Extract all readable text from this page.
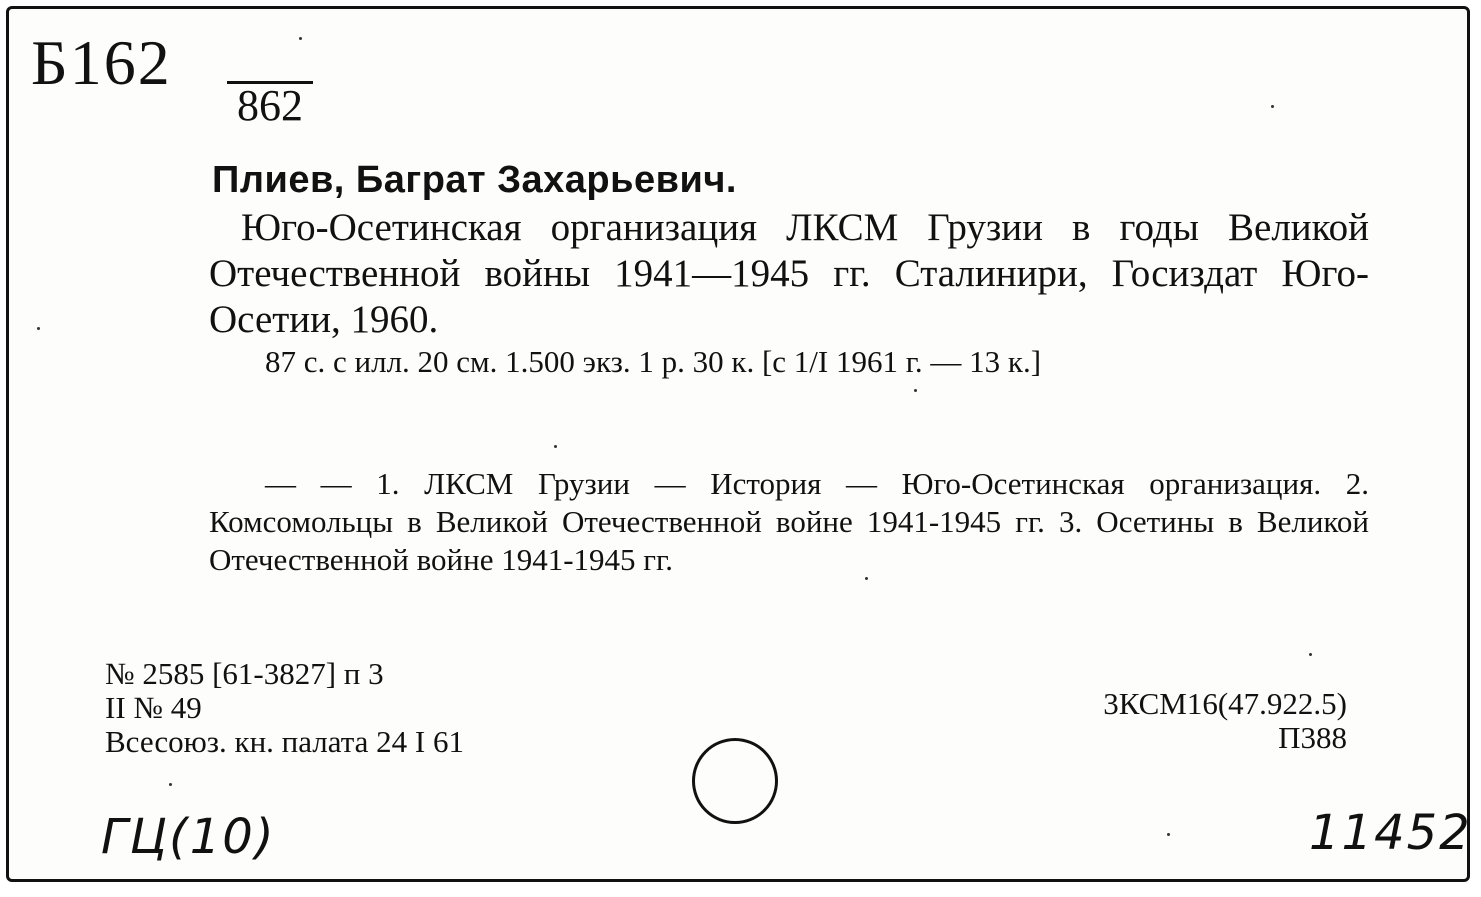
Б162
862
Плиев, Баграт Захарьевич.
Юго-Осетинская организация ЛКСМ Грузии в годы Великой Отечественной войны 1941—1945 гг. Сталинири, Госиздат Юго-Осетии, 1960.
87 с. с илл. 20 см. 1.500 экз. 1 р. 30 к. [с 1/I 1961 г. — 13 к.]
— — 1. ЛКСМ Грузии — История — Юго-Осетинская организация. 2. Комсомольцы в Великой Отечественной войне 1941-1945 гг. 3. Осетины в Великой Отечественной войне 1941-1945 гг.
№ 2585 [61-3827] п 3
II № 49
Всесоюз. кн. палата 24 I 61
3КСМ16(47.922.5)
П388
ГЦ(10)	11452
